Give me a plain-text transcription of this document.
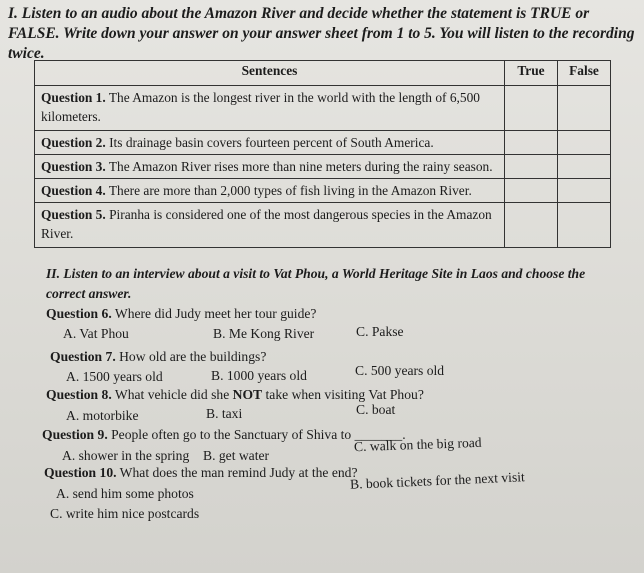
I. Listen to an audio about the Amazon River and decide whether the statement is TRUE or FALSE. Write down your answer on your answer sheet from 1 to 5. You will listen to the recording twice.
Sentences	True	False
Question 1. The Amazon is the longest river in the world with the length of 6,500 kilometers.		
Question 2. Its drainage basin covers fourteen percent of South America.		
Question 3. The Amazon River rises more than nine meters during the rainy season.		
Question 4. There are more than 2,000 types of fish living in the Amazon River.		
Question 5. Piranha is considered one of the most dangerous species in the Amazon River.		
II. Listen to an interview about a visit to Vat Phou, a World Heritage Site in Laos and choose the correct answer.
Question 6. Where did Judy meet her tour guide?
A. Vat Phou	B. Me Kong River	C. Pakse
Question 7. How old are the buildings?
A. 1500 years old	B. 1000 years old	C. 500 years old
Question 8. What vehicle did she NOT take when visiting Vat Phou?
A. motorbike	B. taxi	C. boat
Question 9. People often go to the Sanctuary of Shiva to _______.
A. shower in the spring B. get water
C. walk on the big road
Question 10. What does the man remind Judy at the end?
A. send him some photos
B. book tickets for the next visit
C. write him nice postcards
